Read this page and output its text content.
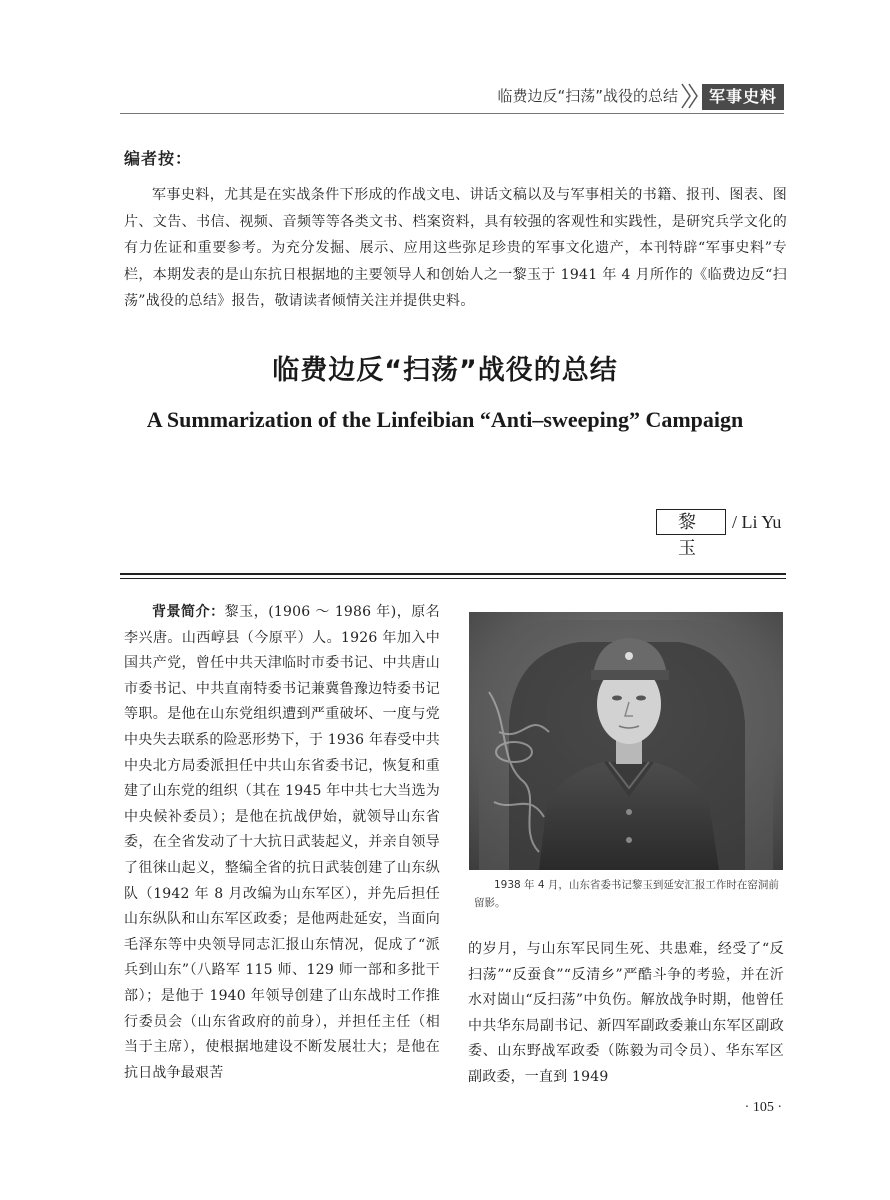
临费边反“扫荡”战役的总结	军事史料
编者按：
军事史料，尤其是在实战条件下形成的作战文电、讲话文稿以及与军事相关的书籍、报刊、图表、图片、文告、书信、视频、音频等等各类文书、档案资料，具有较强的客观性和实践性，是研究兵学文化的有力佐证和重要参考。为充分发掘、展示、应用这些弥足珍贵的军事文化遗产，本刊特辟“军事史料”专栏，本期发表的是山东抗日根据地的主要领导人和创始人之一黎玉于 1941 年 4 月所作的《临费边反“扫荡”战役的总结》报告，敬请读者倾情关注并提供史料。
临费边反“扫荡”战役的总结
A Summarization of the Linfeibian “Anti–sweeping” Campaign
黎玉
/ Li Yu
背景简介：黎玉，(1906 ～ 1986 年)，原名李兴唐。山西崞县（今原平）人。1926 年加入中国共产党，曾任中共天津临时市委书记、中共唐山市委书记、中共直南特委书记兼冀鲁豫边特委书记等职。是他在山东党组织遭到严重破坏、一度与党中央失去联系的险恶形势下，于 1936 年春受中共中央北方局委派担任中共山东省委书记，恢复和重建了山东党的组织（其在 1945 年中共七大当选为中央候补委员）；是他在抗战伊始，就领导山东省委，在全省发动了十大抗日武装起义，并亲自领导了徂徕山起义，整编全省的抗日武装创建了山东纵队（1942 年 8 月改编为山东军区），并先后担任山东纵队和山东军区政委；是他两赴延安，当面向毛泽东等中央领导同志汇报山东情况，促成了“派兵到山东”（八路军 115 师、129 师一部和多批干部）；是他于 1940 年领导创建了山东战时工作推行委员会（山东省政府的前身），并担任主任（相当于主席），使根据地建设不断发展壮大；是他在抗日战争最艰苦
1938 年 4 月，山东省委书记黎玉到延安汇报工作时在窑洞前留影。
的岁月，与山东军民同生死、共患难，经受了“反扫荡”“反蚕食”“反清乡”严酷斗争的考验，并在沂水对崮山“反扫荡”中负伤。解放战争时期，他曾任中共华东局副书记、新四军副政委兼山东军区副政委、山东野战军政委（陈毅为司令员）、华东军区副政委，一直到 1949
· 105 ·
